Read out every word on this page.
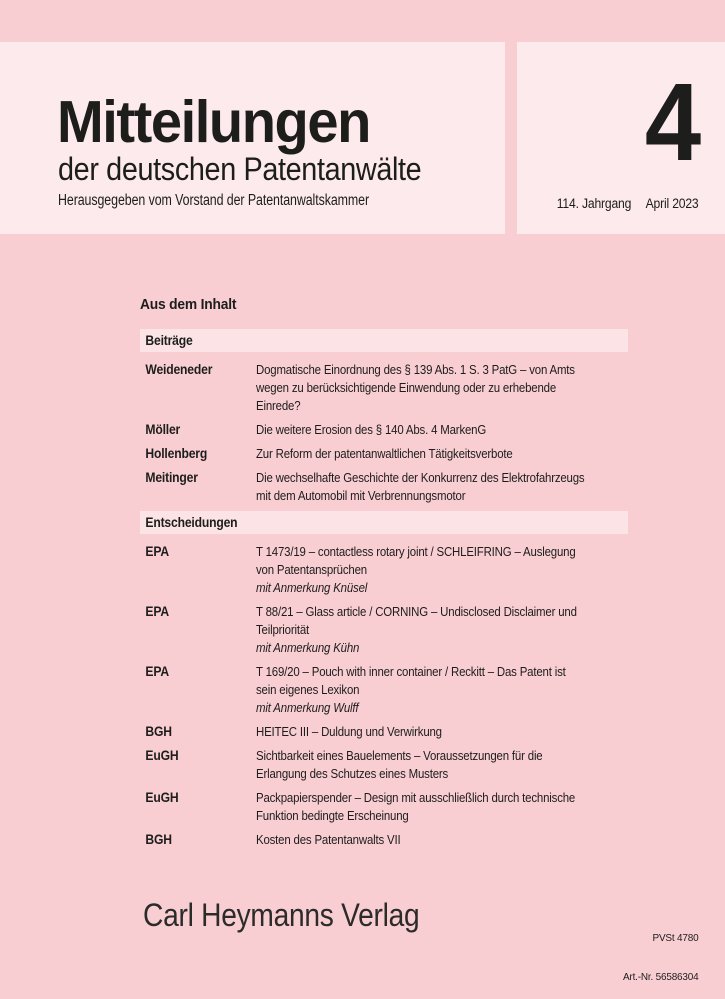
Mitteilungen
der deutschen Patentanwälte
Herausgegeben vom Vorstand der Patentanwaltskammer
4
114. Jahrgang April 2023
Aus dem Inhalt
Beiträge
Weideneder	Dogmatische Einordnung des § 139 Abs. 1 S. 3 PatG – von Amts
wegen zu berücksichtigende Einwendung oder zu erhebende
Einrede?
Möller	Die weitere Erosion des § 140 Abs. 4 MarkenG
Hollenberg	Zur Reform der patentanwaltlichen Tätigkeitsverbote
Meitinger	Die wechselhafte Geschichte der Konkurrenz des Elektrofahrzeugs
mit dem Automobil mit Verbrennungsmotor
Entscheidungen
EPA	T 1473/19 – contactless rotary joint / SCHLEIFRING – Auslegung
von Patentansprüchen
mit Anmerkung Knüsel
EPA	T 88/21 – Glass article / CORNING – Undisclosed Disclaimer und
Teilpriorität
mit Anmerkung Kühn
EPA	T 169/20 – Pouch with inner container / Reckitt – Das Patent ist
sein eigenes Lexikon
mit Anmerkung Wulff
BGH	HEITEC III – Duldung und Verwirkung
EuGH	Sichtbarkeit eines Bauelements – Voraussetzungen für die
Erlangung des Schutzes eines Musters
EuGH	Packpapierspender – Design mit ausschließlich durch technische
Funktion bedingte Erscheinung
BGH	Kosten des Patentanwalts VII
Carl Heymanns Verlag

PVSt 4780

Art.-Nr. 56586304
